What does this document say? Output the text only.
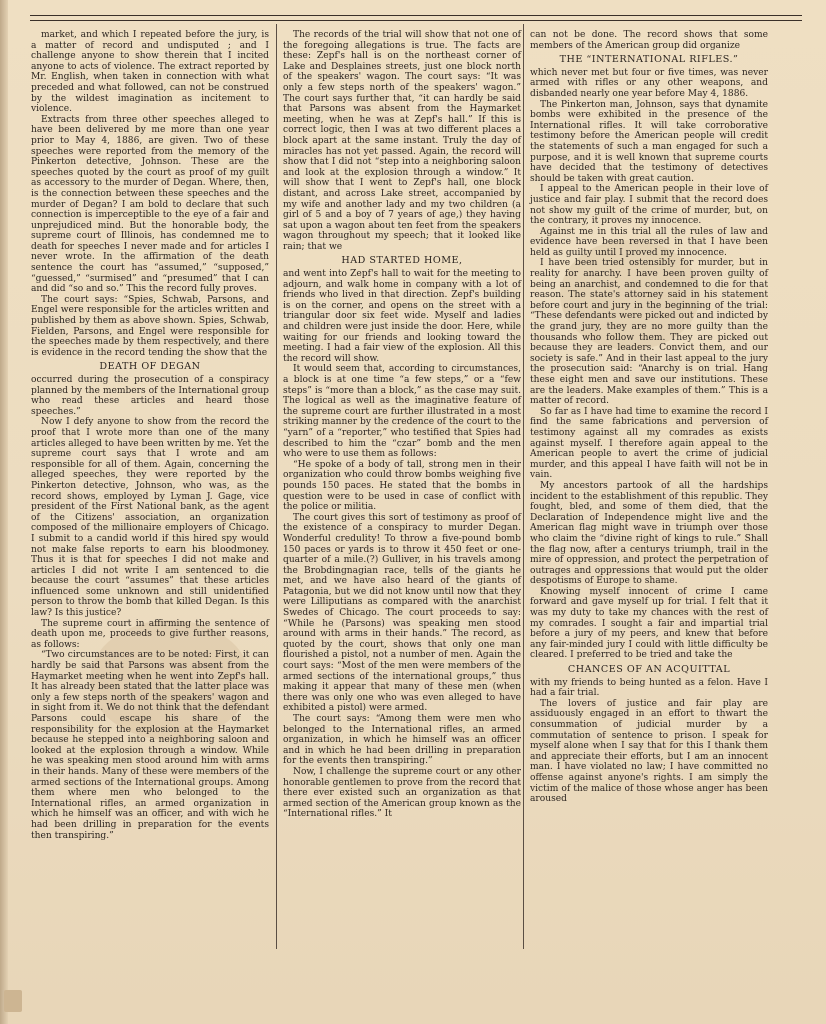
market, and which I repeated before the jury, is a matter of record and undisputed ; and I challenge anyone to show therein that I incited anyone to acts of violence. The extract reported by Mr. English, when taken in connection with what preceded and what followed, can not be construed by the wildest imagination as incitement to violence.

Extracts from three other speeches alleged to have been delivered by me more than one year prior to May 4, 1886, are given. Two of these speeches were reported from the memory of the Pinkerton detective, Johnson. These are the speeches quoted by the court as proof of my guilt as accessory to the murder of Degan. Where, then, is the connection between these speeches and the murder of Degan? I am bold to declare that such connection is imperceptible to the eye of a fair and unprejudiced mind. But the honorable body, the supreme court of Illinois, has condemned me to death for speeches I never made and for articles I never wrote. In the affirmation of the death sentence the court has “assumed,” “supposed,” “guessed,” “surmised” and “presumed” that I can and did “so and so.” This the record fully proves.

The court says: “Spies, Schwab, Parsons, and Engel were responsible for the articles written and published by them as above shown. Spies, Schwab, Fielden, Parsons, and Engel were responsible for the speeches made by them respectively, and there is evidence in the record tending the show that the

DEATH OF DEGAN

occurred during the prosecution of a conspiracy planned by the members of the International group who read these articles and heard those speeches.”

Now I defy anyone to show from the record the proof that I wrote more than one of the many articles alleged to have been written by me. Yet the supreme court says that I wrote and am responsible for all of them. Again, concerning the alleged speeches, they were reported by the Pinkerton detective, Johnson, who was, as the record shows, employed by Lyman J. Gage, vice president of the First National bank, as the agent of the Citizens' association, an organization composed of the millionaire employers of Chicago. I submit to a candid world if this hired spy would not make false reports to earn his bloodmoney. Thus it is that for speeches I did not make and articles I did not write I am sentenced to die because the court “assumes” that these articles influenced some unknown and still unidentified person to throw the bomb that killed Degan. Is this law? Is this justice?

The supreme court in affirming the sentence of death upon me, proceeds to give further reasons, as follows:

“Two circumstances are to be noted: First, it can hardly be said that Parsons was absent from the Haymarket meeting when he went into Zepf's hall. It has already been stated that the latter place was only a few steps north of the speakers' wagon and in sight from it. We do not think that the defendant Parsons could escape his share of the responsibility for the explosion at the Haymarket because he stepped into a neighboring saloon and looked at the explosion through a window. While he was speaking men stood around him with arms in their hands. Many of these were members of the armed sections of the International groups. Among them where men who belonged to the International rifles, an armed organization in which he himself was an officer, and with wich he had been drilling in preparation for the events then transpiring.”

The records of the trial will show that not one of the foregoing allegations is true. The facts are these: Zepf's hall is on the northeast corner of Lake and Desplaines streets, just one block north of the speakers' wagon. The court says: “It was only a few steps north of the speakers' wagon.” The court says further that, “it can hardly be said that Parsons was absent from the Haymarket meeting, when he was at Zepf's hall.” If this is correct logic, then I was at two different places a block apart at the same instant. Truly the day of miracles has not yet passed. Again, the record will show that I did not “step into a neighboring saloon and look at the explosion through a window.” It will show that I went to Zepf's hall, one block distant, and across Lake street, accompanied by my wife and another lady and my two children (a girl of 5 and a boy of 7 years of age,) they having sat upon a wagon about ten feet from the speakers wagon throughout my speech; that it looked like rain; that we

HAD STARTED HOME,

and went into Zepf's hall to wait for the meeting to adjourn, and walk home in company with a lot of friends who lived in that direction. Zepf's building is on the corner, and opens on the street with a triangular door six feet wide. Myself and ladies and children were just inside the door. Here, while waiting for our friends and looking toward the meeting. I had a fair view of the explosion. All this the record will show.

It would seem that, according to circumstances, a block is at one time “a few steps,” or a “few steps” is “more than a block,” as the case may suit. The logical as well as the imaginative feature of the supreme court are further illustrated in a most striking manner by the credence of the court to the “yarn” of a “reporter,” who testified that Spies had described to him the “czar” bomb and the men who were to use them as follows:

“He spoke of a body of tall, strong men in their organization who could throw bombs weighing five pounds 150 paces. He stated that the bombs in question were to be used in case of conflict with the police or militia.

The court gives this sort of testimony as proof of the existence of a conspiracy to murder Degan. Wonderful credulity! To throw a five-pound bomb 150 paces or yards is to throw it 450 feet or one-quarter of a mile.(?) Gulliver, in his travels among the Brobdingnagian race, tells of the giants he met, and we have also heard of the giants of Patagonia, but we did not know until now that they were Lilliputians as compared with the anarchist Swedes of Chicago. The court proceeds to say: “While he (Parsons) was speaking men stood around with arms in their hands.” The record, as quoted by the court, shows that only one man flourished a pistol, not a number of men. Again the court says: “Most of the men were members of the armed sections of the international groups,” thus making it appear that many of these men (when there was only one who was even alleged to have exhibited a pistol) were armed.

The court says: “Among them were men who belonged to the International rifles, an armed organization, in which he himself was an officer and in which he had been drilling in preparation for the events then transpiring.”

Now, I challenge the supreme court or any other honorable gentlemen to prove from the record that there ever existed such an organization as that armed section of the American group known as the “International rifles.” It

can not be done. The record shows that some members of the American group did organize

THE “INTERNATIONAL RIFLES.”

which never met but four or five times, was never armed with rifles or any other weapons, and disbanded nearly one year before May 4, 1886.

The Pinkerton man, Johnson, says that dynamite bombs were exhibited in the presence of the International rifles. It will take corroborative testimony before the American people will credit the statements of such a man engaged for such a purpose, and it is well known that supreme courts have decided that the testimony of detectives should be taken with great caution.

I appeal to the American people in their love of justice and fair play. I submit that the record does not show my guilt of the crime of murder, but, on the contrary, it proves my innocence.

Against me in this trial all the rules of law and evidence have been reversed in that I have been held as guilty until I proved my innocence.

I have been tried ostensibly for murder, but in reality for anarchy. I have been proven guilty of being an anarchist, and condemned to die for that reason. The state's attorney said in his statement before court and jury in the beginning of the trial: “These defendants were picked out and indicted by the grand jury, they are no more guilty than the thousands who follow them. They are picked out because they are leaders. Convict them, and our society is safe.” And in their last appeal to the jury the prosecution said: “Anarchy is on trial. Hang these eight men and save our institutions. These are the leaders. Make examples of them.” This is a matter of record.

So far as I have had time to examine the record I find the same fabrications and perversion of testimony against all my comrades as exists against myself. I therefore again appeal to the American people to avert the crime of judicial murder, and this appeal I have faith will not be in vain.

My ancestors partook of all the hardships incident to the establishment of this republic. They fought, bled, and some of them died, that the Declaration of Independence might live and the American flag might wave in triumph over those who claim the “divine right of kings to rule.” Shall the flag now, after a centurys triumph, trail in the mire of oppression, and protect the perpetration of outrages and oppressions that would put the older despotisms of Europe to shame.

Knowing myself innocent of crime I came forward and gave myself up for trial. I felt that it was my duty to take my chances with the rest of my comrades. I sought a fair and impartial trial before a jury of my peers, and knew that before any fair-minded jury I could with little difficulty be cleared. I preferred to be tried and take the

CHANCES OF AN ACQUITTAL

with my friends to being hunted as a felon. Have I had a fair trial.

The lovers of justice and fair play are assiduously engaged in an effort to thwart the consummation of judicial murder by a commutation of sentence to prison. I speak for myself alone when I say that for this I thank them and appreciate their efforts, but I am an innocent man. I have violated no law; I have committed no offense against anyone's rights. I am simply the victim of the malice of those whose anger has been aroused
